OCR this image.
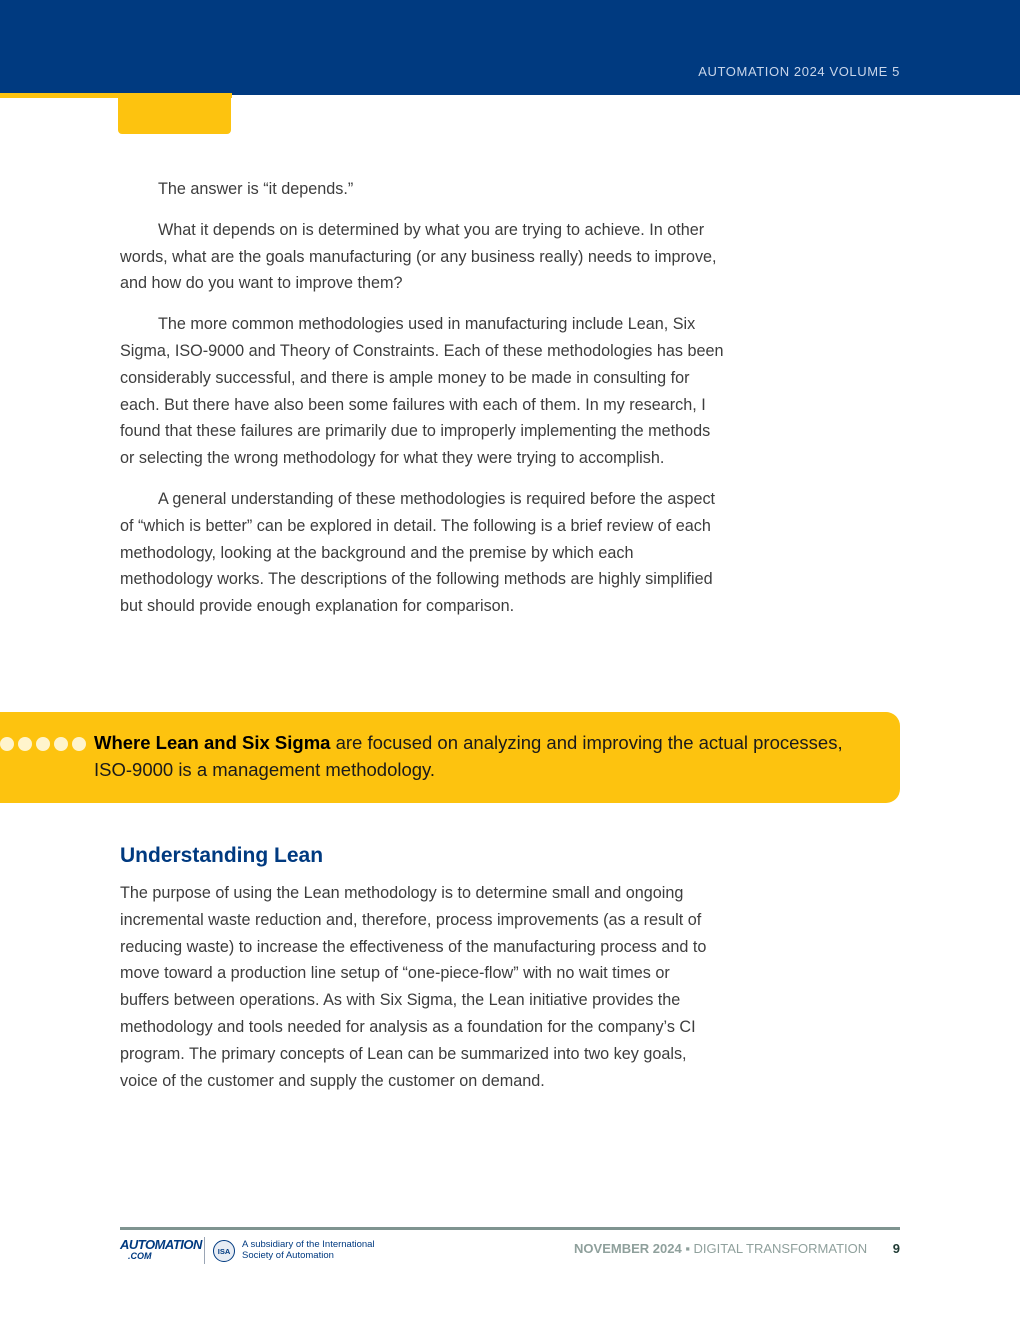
AUTOMATION 2024 VOLUME 5

The answer is “it depends.”

What it depends on is determined by what you are trying to achieve. In other words, what are the goals manufacturing (or any business really) needs to improve, and how do you want to improve them?

The more common methodologies used in manufacturing include Lean, Six Sigma, ISO-9000 and Theory of Constraints. Each of these methodologies has been considerably successful, and there is ample money to be made in consulting for each. But there have also been some failures with each of them. In my research, I found that these failures are primarily due to improperly implementing the methods or selecting the wrong methodology for what they were trying to accomplish.

A general understanding of these methodologies is required before the aspect of “which is better” can be explored in detail. The following is a brief review of each methodology, looking at the background and the premise by which each methodology works. The descriptions of the following methods are highly simplified but should provide enough explanation for comparison.

Where Lean and Six Sigma are focused on analyzing and improving the actual processes, ISO-9000 is a management methodology.
Understanding Lean

The purpose of using the Lean methodology is to determine small and ongoing incremental waste reduction and, therefore, process improvements (as a result of reducing waste) to increase the effectiveness of the manufacturing process and to move toward a production line setup of “one-piece-flow” with no wait times or buffers between operations. As with Six Sigma, the Lean initiative provides the methodology and tools needed for analysis as a foundation for the company’s CI program. The primary concepts of Lean can be summarized into two key goals, voice of the customer and supply the customer on demand.

AUTOMATION
.COM	ISA
A subsidiary of the International Society of Automation	NOVEMBER 2024 ▪ DIGITAL TRANSFORMATION 9
